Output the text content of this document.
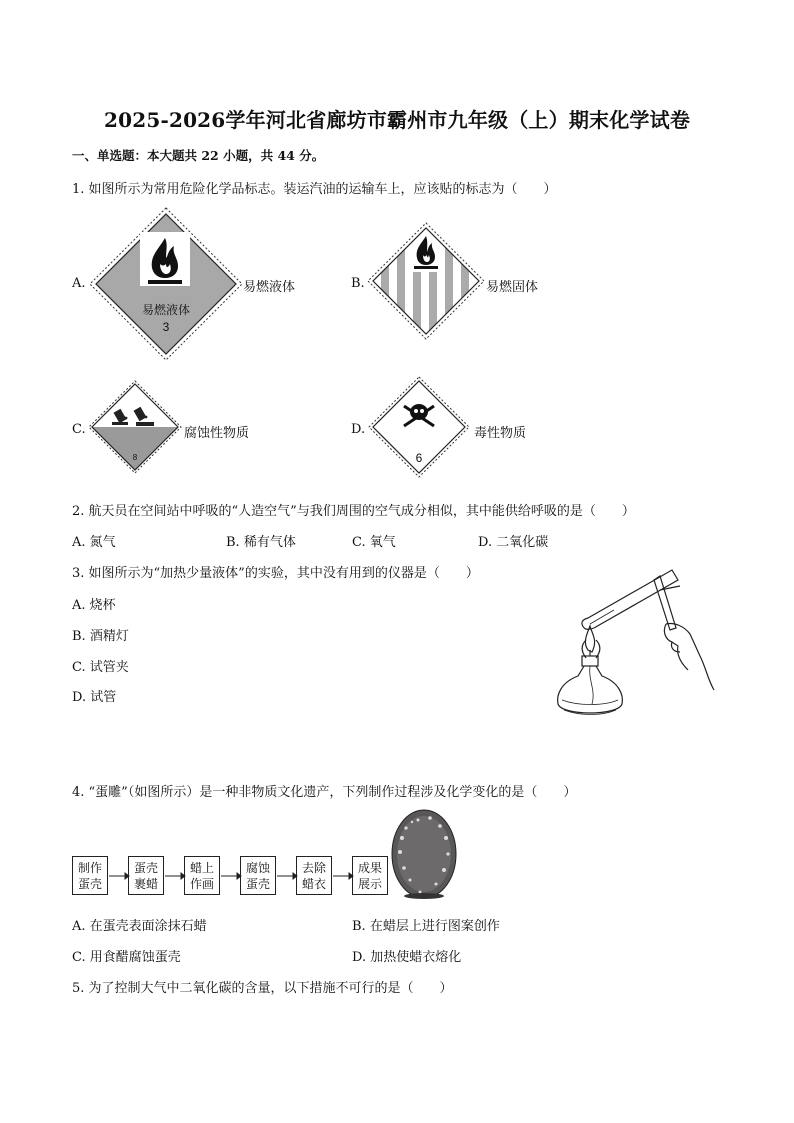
2025-2026学年河北省廊坊市霸州市九年级（上）期末化学试卷
一、单选题：本大题共 22 小题，共 44 分。
1. 如图所示为常用危险化学品标志。装运汽油的运输车上，应该贴的标志为（　　）
A.
易燃液体
3
易燃液体	B.	易燃固体
C.
8
腐蚀性物质	D.
6
毒性物质
2. 航天员在空间站中呼吸的“人造空气”与我们周围的空气成分相似，其中能供给呼吸的是（　　）
A. 氮气	B. 稀有气体	C. 氧气	D. 二氧化碳
3. 如图所示为“加热少量液体”的实验，其中没有用到的仪器是（　　）
A. 烧杯
B. 酒精灯
C. 试管夹
D. 试管
4. “蛋雕”（如图所示）是一种非物质文化遗产，下列制作过程涉及化学变化的是（　　）
制作
蛋壳
蛋壳
裹蜡
蜡上
作画
腐蚀
蛋壳
去除
蜡衣
成果
展示
A. 在蛋壳表面涂抹石蜡	B. 在蜡层上进行图案创作
C. 用食醋腐蚀蛋壳	D. 加热使蜡衣熔化
5. 为了控制大气中二氧化碳的含量，以下措施不可行的是（　　）
